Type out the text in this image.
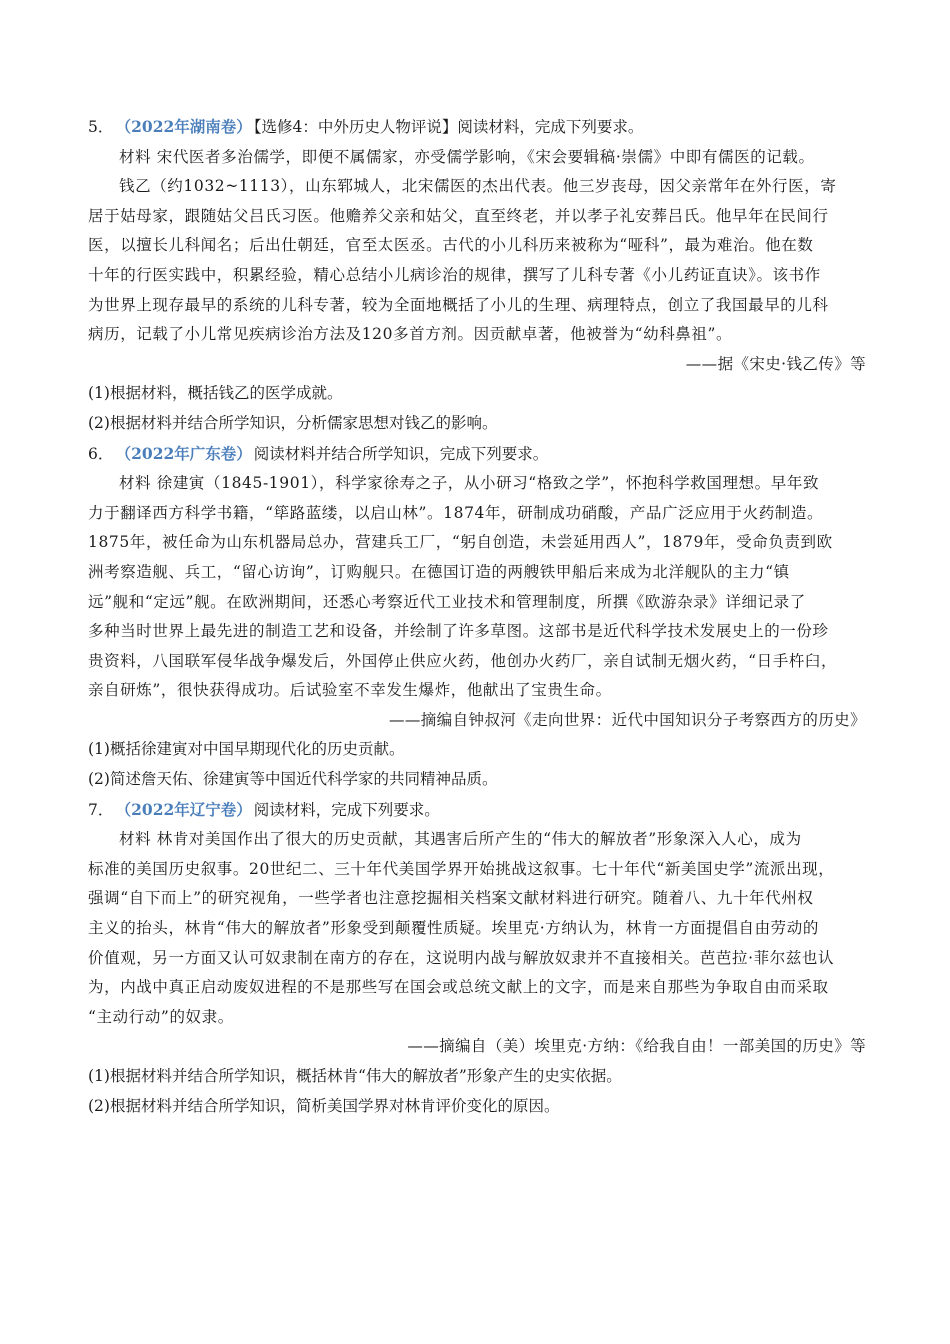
5． （2022年湖南卷） 【选修4：中外历史人物评说】阅读材料，完成下列要求。
材料 宋代医者多治儒学，即便不属儒家，亦受儒学影响，《宋会要辑稿·崇儒》中即有儒医的记载。
钱乙（约1032~1113），山东郓城人，北宋儒医的杰出代表。他三岁丧母，因父亲常年在外行医，寄
居于姑母家，跟随姑父吕氏习医。他赡养父亲和姑父，直至终老，并以孝子礼安葬吕氏。他早年在民间行
医，以擅长儿科闻名；后出仕朝廷，官至太医丞。古代的小儿科历来被称为“哑科”，最为难治。他在数
十年的行医实践中，积累经验，精心总结小儿病诊治的规律，撰写了儿科专著《小儿药证直诀》。该书作
为世界上现存最早的系统的儿科专著，较为全面地概括了小儿的生理、病理特点，创立了我国最早的儿科
病历，记载了小儿常见疾病诊治方法及120多首方剂。因贡献卓著，他被誉为“幼科鼻祖”。
——据《宋史·钱乙传》等
(1)根据材料，概括钱乙的医学成就。
(2)根据材料并结合所学知识，分析儒家思想对钱乙的影响。
6． （2022年广东卷） 阅读材料并结合所学知识，完成下列要求。
材料 徐建寅（1845-1901），科学家徐寿之子，从小研习“格致之学”，怀抱科学救国理想。早年致
力于翻译西方科学书籍，“筚路蓝缕，以启山林”。1874年，研制成功硝酸，产品广泛应用于火药制造。
1875年，被任命为山东机器局总办，营建兵工厂，“躬自创造，未尝延用西人”，1879年，受命负责到欧
洲考察造舰、兵工，“留心访询”，订购舰只。在德国订造的两艘铁甲船后来成为北洋舰队的主力“镇
远”舰和“定远”舰。在欧洲期间，还悉心考察近代工业技术和管理制度，所撰《欧游杂录》详细记录了
多种当时世界上最先进的制造工艺和设备，并绘制了许多草图。这部书是近代科学技术发展史上的一份珍
贵资料，八国联军侵华战争爆发后，外国停止供应火药，他创办火药厂，亲自试制无烟火药，“日手杵臼，
亲自研炼”，很快获得成功。后试验室不幸发生爆炸，他献出了宝贵生命。
——摘编自钟叔河《走向世界：近代中国知识分子考察西方的历史》
(1)概括徐建寅对中国早期现代化的历史贡献。
(2)简述詹天佑、徐建寅等中国近代科学家的共同精神品质。
7． （2022年辽宁卷） 阅读材料，完成下列要求。
材料 林肯对美国作出了很大的历史贡献，其遇害后所产生的“伟大的解放者”形象深入人心，成为
标准的美国历史叙事。20世纪二、三十年代美国学界开始挑战这叙事。七十年代“新美国史学”流派出现，
强调“自下而上”的研究视角，一些学者也注意挖掘相关档案文献材料进行研究。随着八、九十年代州权
主义的抬头，林肯“伟大的解放者”形象受到颠覆性质疑。埃里克·方纳认为，林肯一方面提倡自由劳动的
价值观，另一方面又认可奴隶制在南方的存在，这说明内战与解放奴隶并不直接相关。芭芭拉·菲尔兹也认
为，内战中真正启动废奴进程的不是那些写在国会或总统文献上的文字，而是来自那些为争取自由而采取
“主动行动”的奴隶。
——摘编自（美）埃里克·方纳：《给我自由！一部美国的历史》等
(1)根据材料并结合所学知识，概括林肯“伟大的解放者”形象产生的史实依据。
(2)根据材料并结合所学知识，简析美国学界对林肯评价变化的原因。
